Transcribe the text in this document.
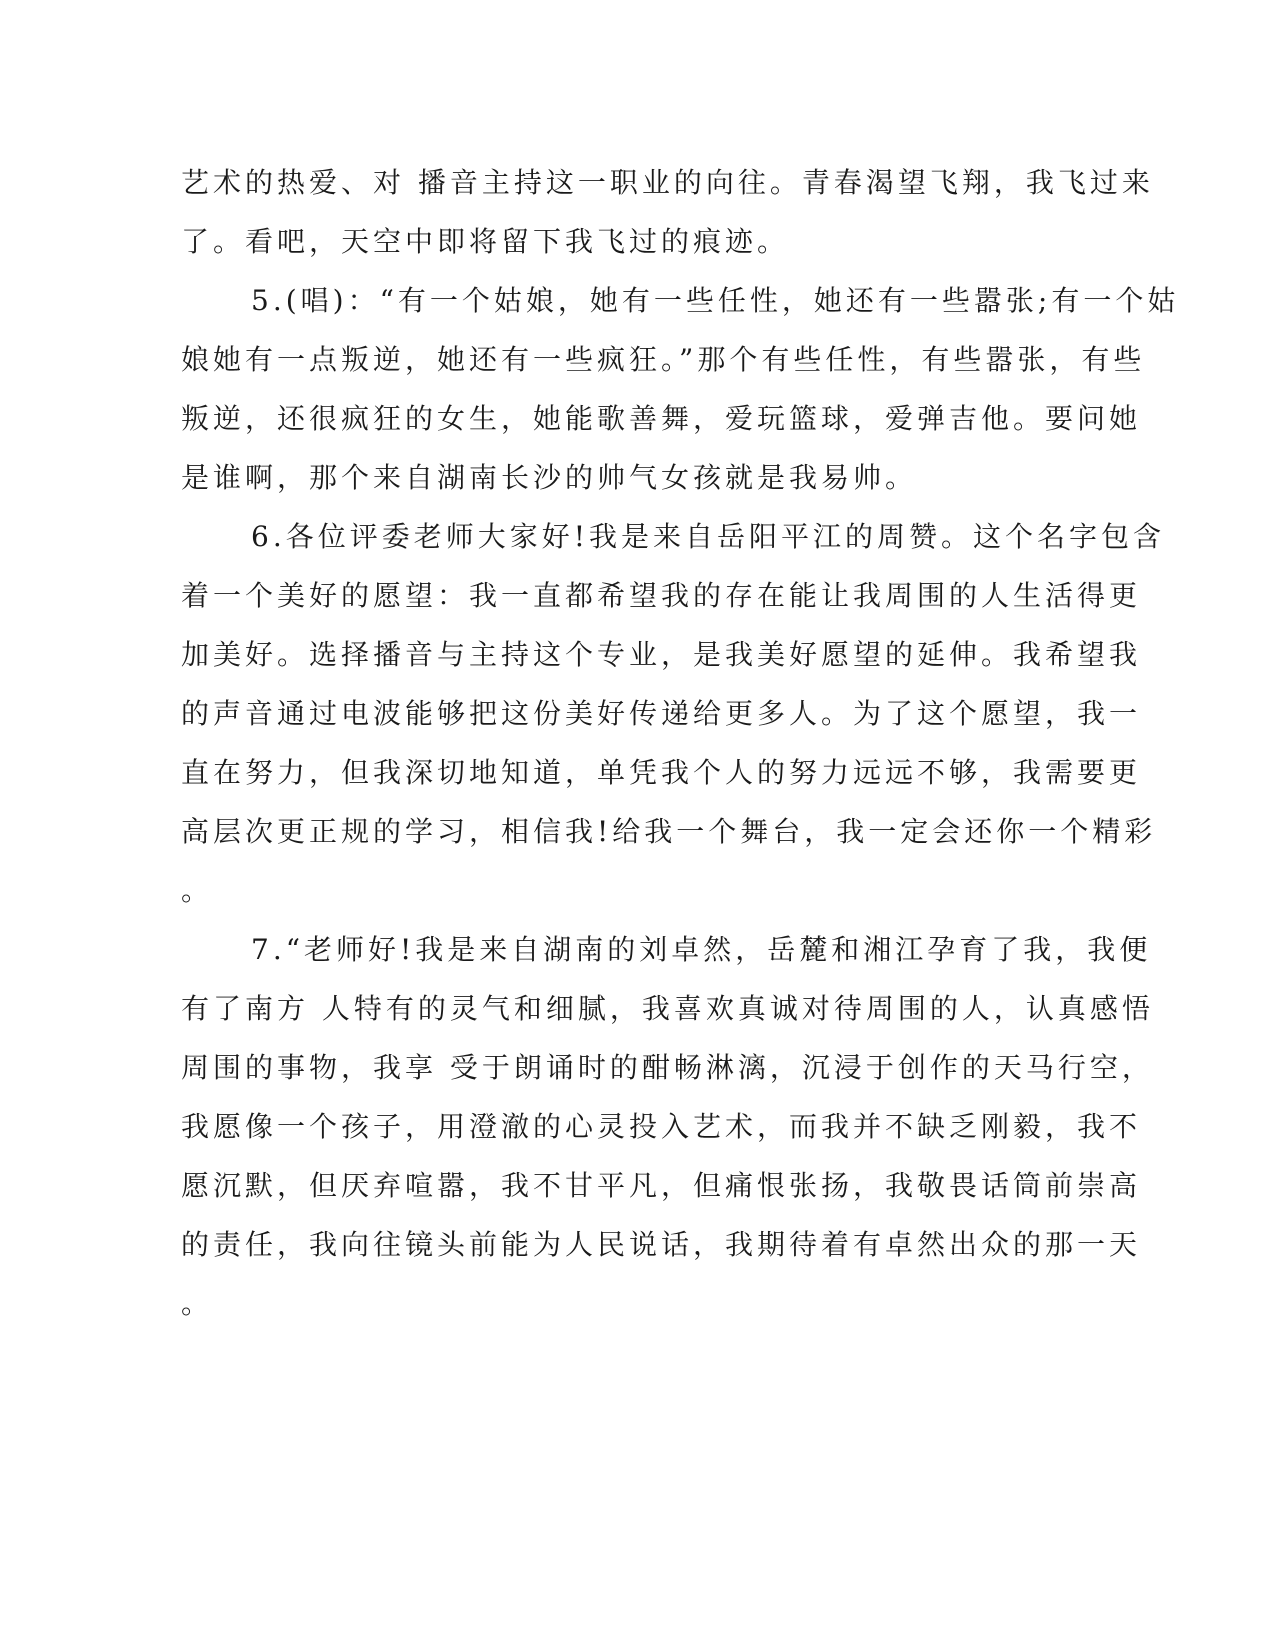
艺术的热爱、对 播音主持这一职业的向往。青春渴望飞翔，我飞过来
了。看吧，天空中即将留下我飞过的痕迹。
5.(唱)：“有一个姑娘，她有一些任性，她还有一些嚣张;有一个姑
娘她有一点叛逆，她还有一些疯狂。”那个有些任性，有些嚣张，有些
叛逆，还很疯狂的女生，她能歌善舞，爱玩篮球，爱弹吉他。要问她
是谁啊，那个来自湖南长沙的帅气女孩就是我易帅。
6.各位评委老师大家好!我是来自岳阳平江的周赞。这个名字包含
着一个美好的愿望：我一直都希望我的存在能让我周围的人生活得更
加美好。选择播音与主持这个专业，是我美好愿望的延伸。我希望我
的声音通过电波能够把这份美好传递给更多人。为了这个愿望，我一
直在努力，但我深切地知道，单凭我个人的努力远远不够，我需要更
高层次更正规的学习，相信我!给我一个舞台，我一定会还你一个精彩
。
7.“老师好!我是来自湖南的刘卓然，岳麓和湘江孕育了我，我便
有了南方 人特有的灵气和细腻，我喜欢真诚对待周围的人，认真感悟
周围的事物，我享 受于朗诵时的酣畅淋漓，沉浸于创作的天马行空，
我愿像一个孩子，用澄澈的心灵投入艺术，而我并不缺乏刚毅，我不
愿沉默，但厌弃喧嚣，我不甘平凡，但痛恨张扬，我敬畏话筒前崇高
的责任，我向往镜头前能为人民说话，我期待着有卓然出众的那一天
。
